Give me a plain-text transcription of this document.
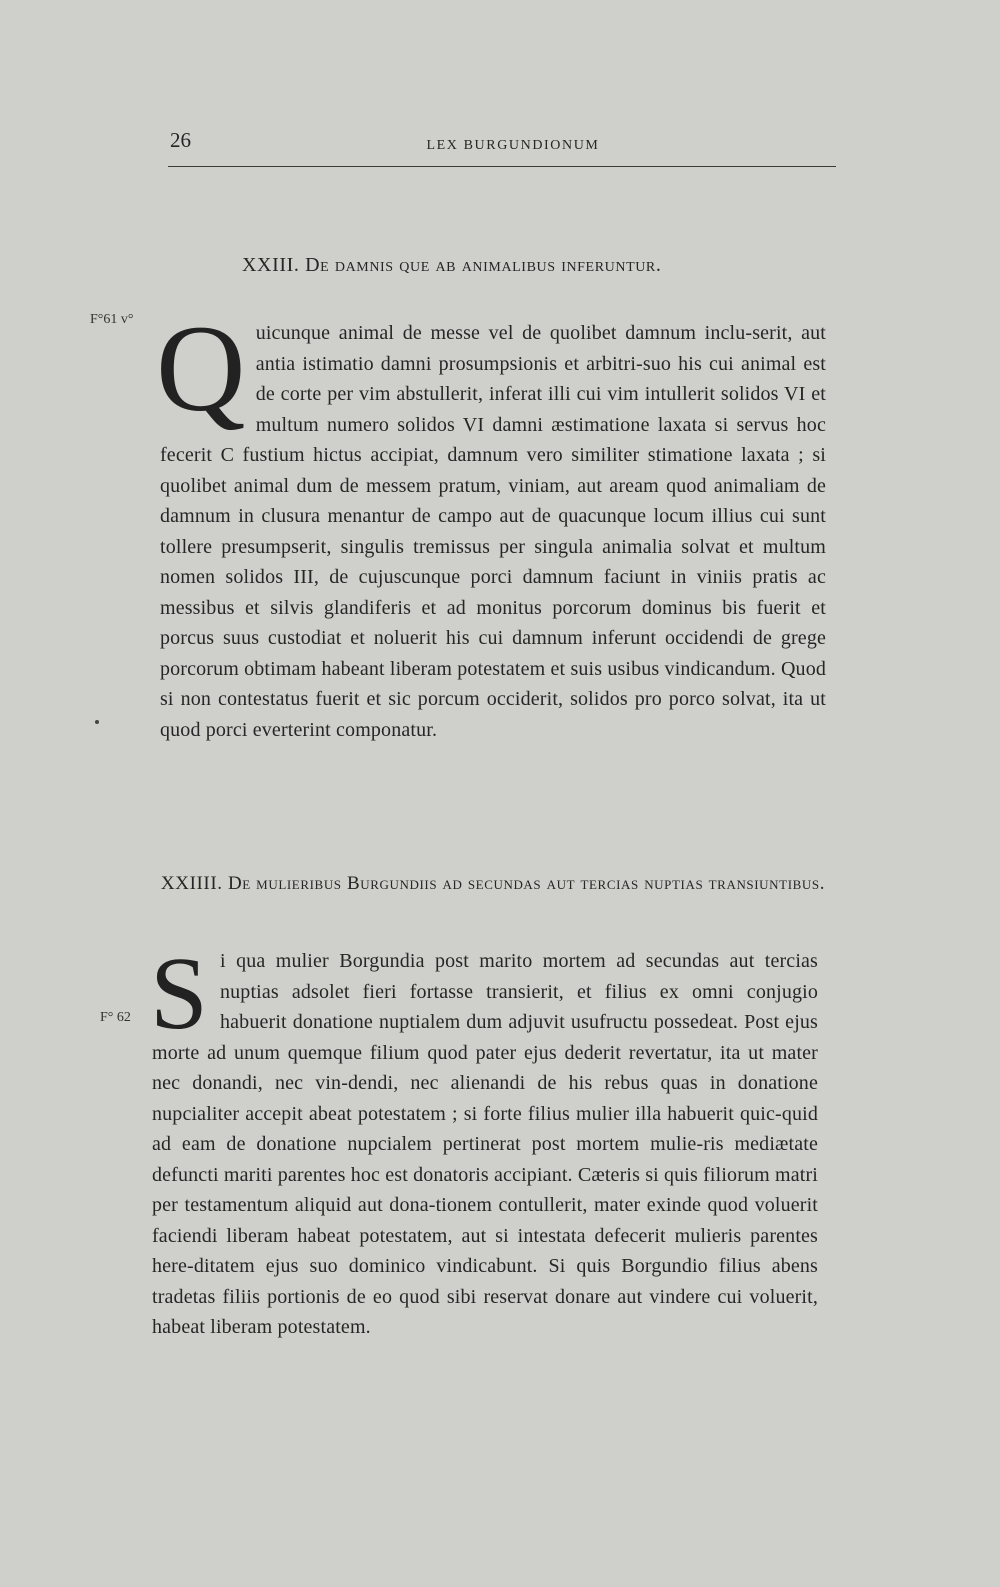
26	LEX BURGUNDIONUM
XXIII. De damnis que ab animalibus inferuntur.
F°61 v° Quicunque animal de messe vel de quolibet damnum inclu-serit, aut antia istimatio damni prosumpsionis et arbitri-suo his cui animal est de corte per vim abstullerit, inferat illi cui vim intullerit solidos VI et multum numero solidos VI damni æstimatione laxata si servus hoc fecerit C fustium hictus accipiat, damnum vero similiter stimatione laxata ; si quolibet animal dum de messem pratum, viniam, aut aream quod animaliam de damnum in clusura menantur de campo aut de quacunque locum illius cui sunt tollere presumpserit, singulis tremissus per singula animalia solvat et multum nomen solidos III, de cujuscunque porci damnum faciunt in viniis pratis ac messibus et silvis glandiferis et ad monitus porcorum dominus bis fuerit et porcus suus custodiat et noluerit his cui damnum inferunt occidendi de grege porcorum obtimam habeant liberam potestatem et suis usibus vindicandum. Quod si non contestatus fuerit et sic porcum occiderit, solidos pro porco solvat, ita ut quod porci everterint componatur.
XXIIII. De mulieribus Burgundiis ad secundas aut tercias nuptias transiuntibus.
F° 62 Si qua mulier Borgundia post marito mortem ad secundas aut tercias nuptias adsolet fieri fortasse transierit, et filius ex omni conjugio habuerit donatione nuptialem dum adjuvit usufructu possedeat. Post ejus morte ad unum quemque filium quod pater ejus dederit revertatur, ita ut mater nec donandi, nec vin-dendi, nec alienandi de his rebus quas in donatione nupcialiter accepit abeat potestatem ; si forte filius mulier illa habuerit quic-quid ad eam de donatione nupcialem pertinerat post mortem mulie-ris mediætate defuncti mariti parentes hoc est donatoris accipiant. Cæteris si quis filiorum matri per testamentum aliquid aut dona-tionem contullerit, mater exinde quod voluerit faciendi liberam habeat potestatem, aut si intestata defecerit mulieris parentes here-ditatem ejus suo dominico vindicabunt. Si quis Borgundio filius abens tradetas filiis portionis de eo quod sibi reservat donare aut vindere cui voluerit, habeat liberam potestatem.
